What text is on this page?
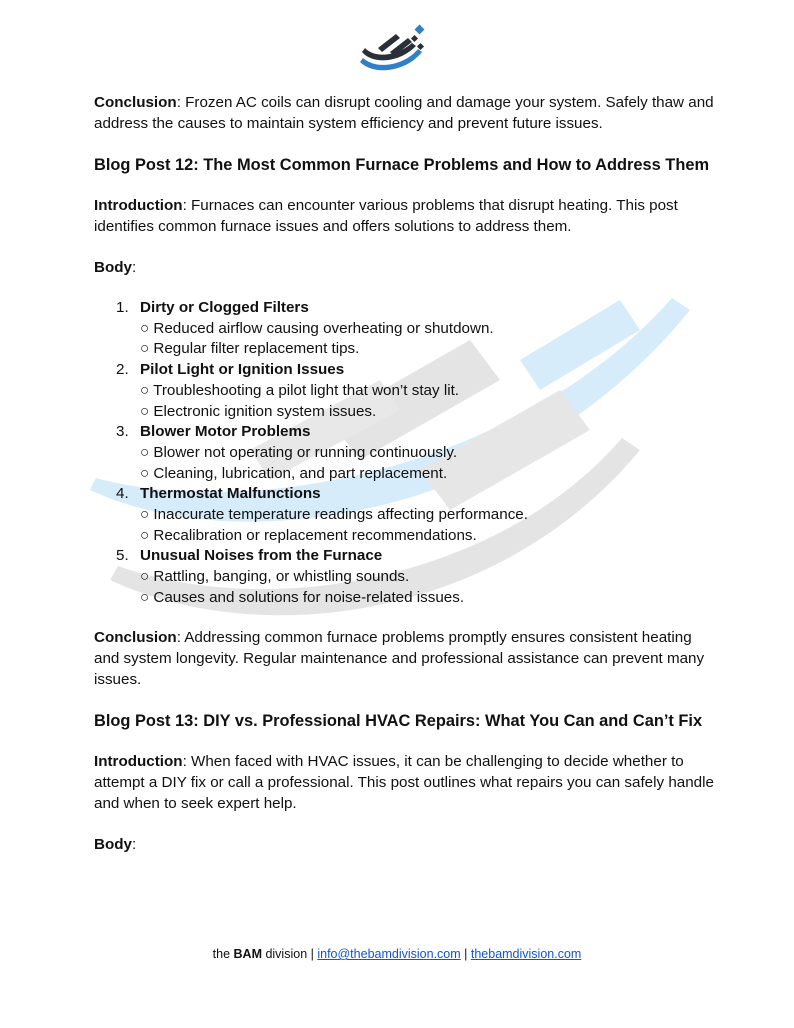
Conclusion: Frozen AC coils can disrupt cooling and damage your system. Safely thaw and address the causes to maintain system efficiency and prevent future issues.

Blog Post 12: The Most Common Furnace Problems and How to Address Them

Introduction: Furnaces can encounter various problems that disrupt heating. This post identifies common furnace issues and offers solutions to address them.

Body:

1. Dirty or Clogged Filters
○ Reduced airflow causing overheating or shutdown.
○ Regular filter replacement tips.
2. Pilot Light or Ignition Issues
○ Troubleshooting a pilot light that won’t stay lit.
○ Electronic ignition system issues.
3. Blower Motor Problems
○ Blower not operating or running continuously.
○ Cleaning, lubrication, and part replacement.
4. Thermostat Malfunctions
○ Inaccurate temperature readings affecting performance.
○ Recalibration or replacement recommendations.
5. Unusual Noises from the Furnace
○ Rattling, banging, or whistling sounds.
○ Causes and solutions for noise-related issues.

Conclusion: Addressing common furnace problems promptly ensures consistent heating and system longevity. Regular maintenance and professional assistance can prevent many issues.

Blog Post 13: DIY vs. Professional HVAC Repairs: What You Can and Can’t Fix

Introduction: When faced with HVAC issues, it can be challenging to decide whether to attempt a DIY fix or call a professional. This post outlines what repairs you can safely handle and when to seek expert help.

Body:

the BAM division | info@thebamdivision.com | thebamdivision.com
